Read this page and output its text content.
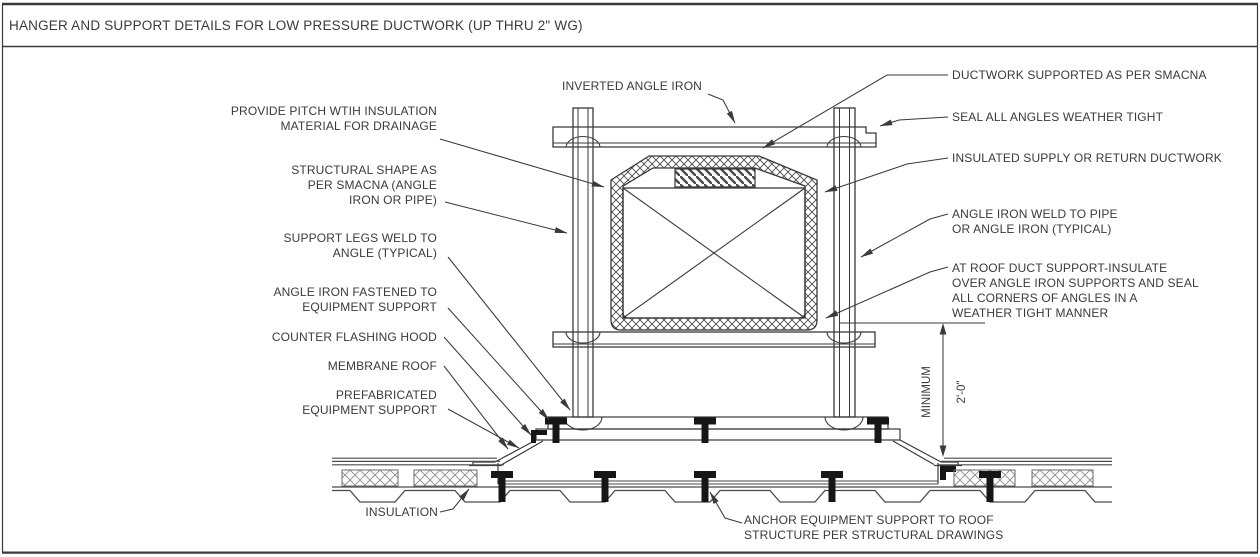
HANGER AND SUPPORT DETAILS FOR LOW PRESSURE DUCTWORK (UP THRU 2" WG)
PROVIDE PITCH WTIH INSULATION
MATERIAL FOR DRAINAGE
STRUCTURAL SHAPE AS
PER SMACNA (ANGLE
IRON OR PIPE)
SUPPORT LEGS WELD TO
ANGLE (TYPICAL)
ANGLE IRON FASTENED TO
EQUIPMENT SUPPORT
COUNTER FLASHING HOOD
MEMBRANE ROOF
PREFABRICATED
EQUIPMENT SUPPORT
INSULATION
INVERTED ANGLE IRON
DUCTWORK SUPPORTED AS PER SMACNA
SEAL ALL ANGLES WEATHER TIGHT
INSULATED SUPPLY OR RETURN DUCTWORK
ANGLE IRON WELD TO PIPE
OR ANGLE IRON (TYPICAL)
AT ROOF DUCT SUPPORT-INSULATE
OVER ANGLE IRON SUPPORTS AND SEAL
ALL CORNERS OF ANGLES IN A
WEATHER TIGHT MANNER
ANCHOR EQUIPMENT SUPPORT TO ROOF
STRUCTURE PER STRUCTURAL DRAWINGS
MINIMUM 2'-0"
